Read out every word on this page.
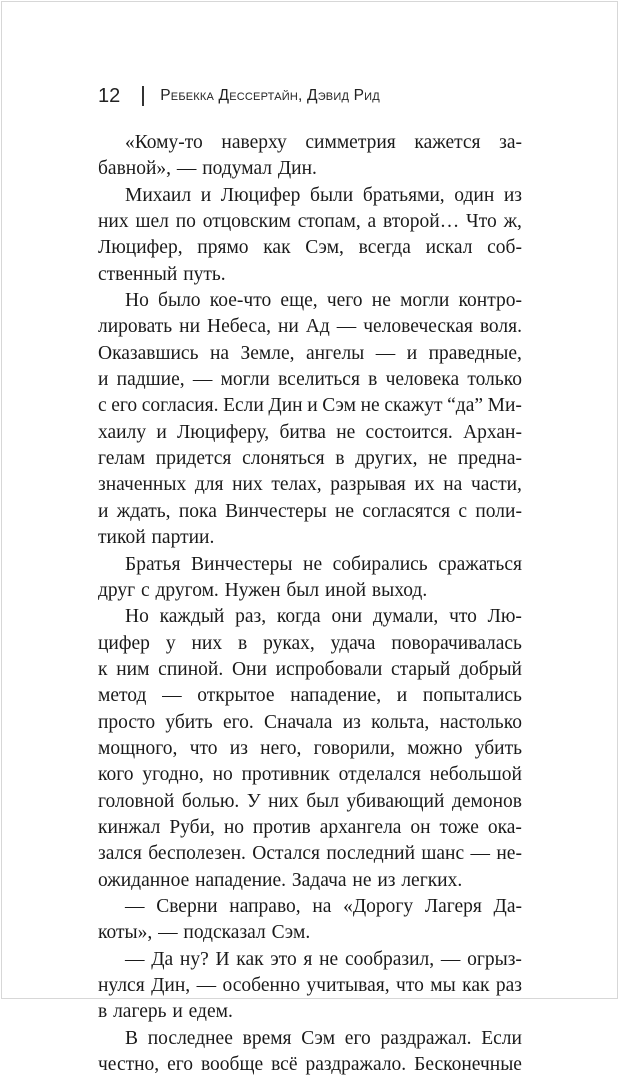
12	Ребекка Дессертайн, Дэвид Рид
«Кому-то наверху симметрия кажется за-
бавной», — подумал Дин.
Михаил и Люцифер были братьями, один из
них шел по отцовским стопам, а второй… Что ж,
Люцифер, прямо как Сэм, всегда искал соб-
ственный путь.
Но было кое-что еще, чего не могли контро-
лировать ни Небеса, ни Ад — человеческая воля.
Оказавшись на Земле, ангелы — и праведные,
и падшие, — могли вселиться в человека только
с его согласия. Если Дин и Сэм не скажут “да” Ми-
хаилу и Люциферу, битва не состоится. Архан-
гелам придется слоняться в других, не предна-
значенных для них телах, разрывая их на части,
и ждать, пока Винчестеры не согласятся с поли-
тикой партии.
Братья Винчестеры не собирались сражаться
друг с другом. Нужен был иной выход.
Но каждый раз, когда они думали, что Лю-
цифер у них в руках, удача поворачивалась
к ним спиной. Они испробовали старый добрый
метод — открытое нападение, и попытались
просто убить его. Сначала из кольта, настолько
мощного, что из него, говорили, можно убить
кого угодно, но противник отделался небольшой
головной болью. У них был убивающий демонов
кинжал Руби, но против архангела он тоже ока-
зался бесполезен. Остался последний шанс — не-
ожиданное нападение. Задача не из легких.
— Сверни направо, на «Дорогу Лагеря Да-
коты», — подсказал Сэм.
— Да ну? И как это я не сообразил, — огрыз-
нулся Дин, — особенно учитывая, что мы как раз
в лагерь и едем.
В последнее время Сэм его раздражал. Если
честно, его вообще всё раздражало. Бесконечные
